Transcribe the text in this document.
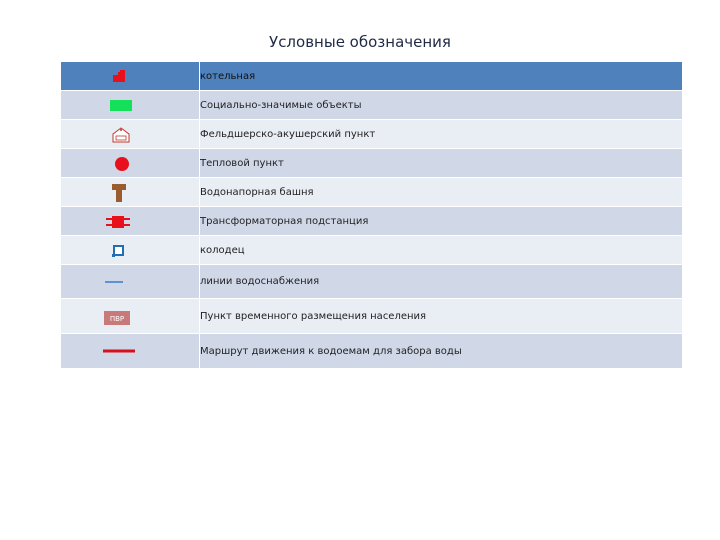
Условные обозначения

котельная

Социально-значимые объекты

Фельдшерско-акушерский пункт

Тепловой пункт

Водонапорная башня

Трансформаторная подстанция

колодец

линии водоснабжения

ПВР	Пункт временного размещения населения

Маршрут движения к водоемам для забора воды
